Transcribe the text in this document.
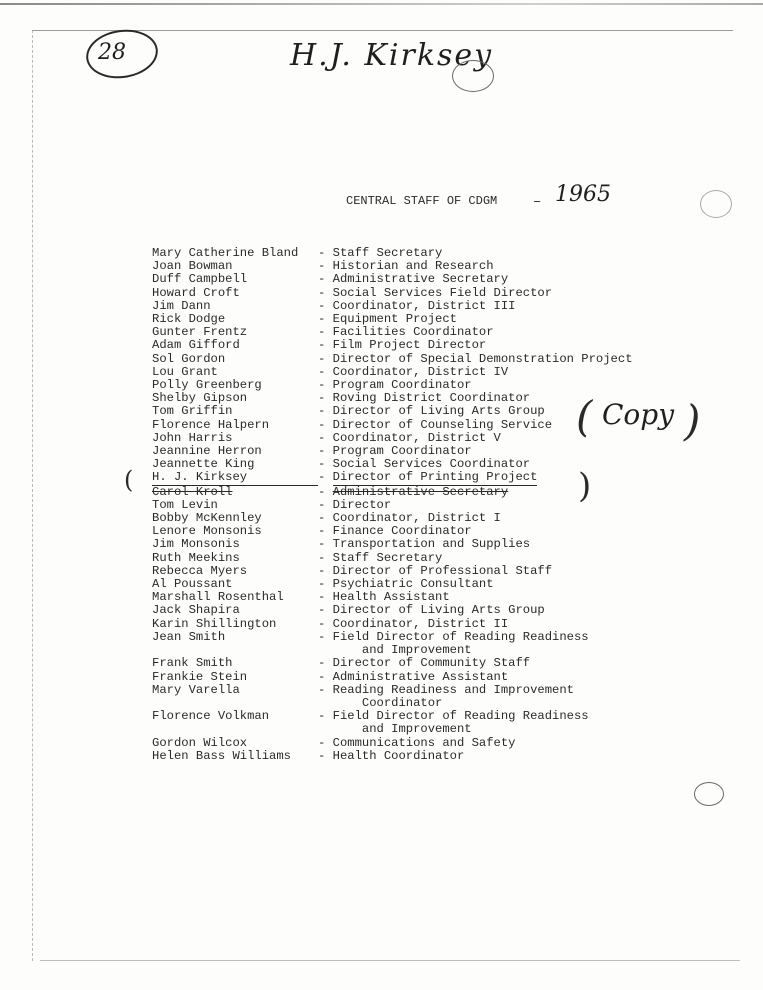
28	H.J. Kirksey
CENTRAL STAFF OF CDGM	– 1965
Mary Catherine Bland	- Staff Secretary
Joan Bowman	- Historian and Research
Duff Campbell	- Administrative Secretary
Howard Croft	- Social Services Field Director
Jim Dann	- Coordinator, District III
Rick Dodge	- Equipment Project
Gunter Frentz	- Facilities Coordinator
Adam Gifford	- Film Project Director
Sol Gordon	- Director of Special Demonstration Project
Lou Grant	- Coordinator, District IV
Polly Greenberg	- Program Coordinator
Shelby Gipson	- Roving District Coordinator
Tom Griffin	- Director of Living Arts Group
Florence Halpern	- Director of Counseling Service
John Harris	- Coordinator, District V
Jeannine Herron	- Program Coordinator
Jeannette King	- Social Services Coordinator
H. J. Kirksey	- Director of Printing Project
Carol Kroll	- Administrative Secretary
Tom Levin	- Director
Bobby McKennley	- Coordinator, District I
Lenore Monsonis	- Finance Coordinator
Jim Monsonis	- Transportation and Supplies
Ruth Meekins	- Staff Secretary
Rebecca Myers	- Director of Professional Staff
Al Poussant	- Psychiatric Consultant
Marshall Rosenthal	- Health Assistant
Jack Shapira	- Director of Living Arts Group
Karin Shillington	- Coordinator, District II
Jean Smith	- Field Director of Reading Readiness

and Improvement
Frank Smith	- Director of Community Staff
Frankie Stein	- Administrative Assistant
Mary Varella	- Reading Readiness and Improvement

Coordinator
Florence Volkman	- Field Director of Reading Readiness

and Improvement
Gordon Wilcox	- Communications and Safety
Helen Bass Williams	- Health Coordinator
(	)
( Copy )
